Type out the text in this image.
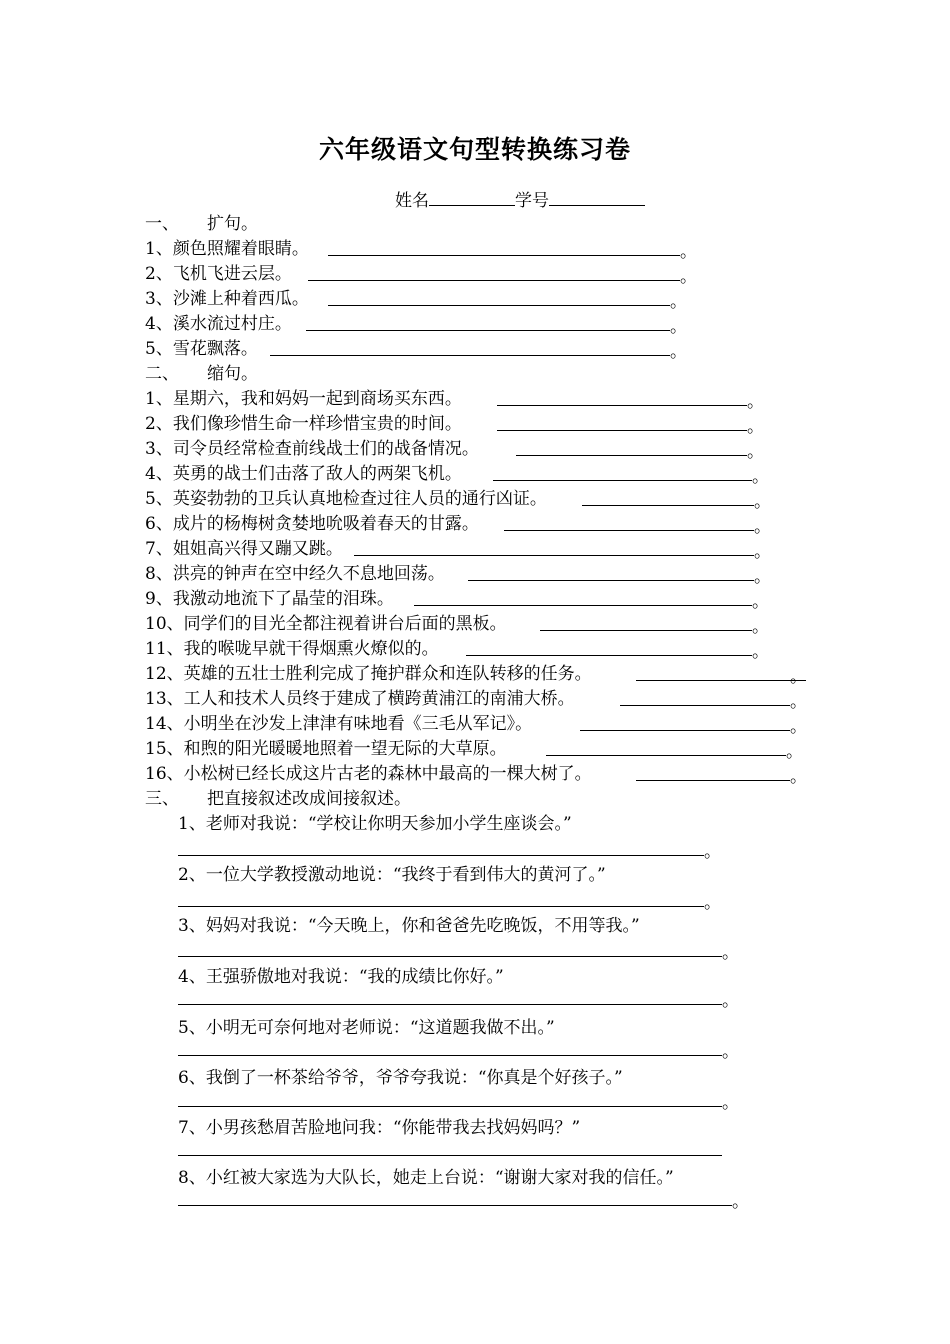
六年级语文句型转换练习卷
姓名	学号
一、 扩句。
1、颜色照耀着眼睛。	。
2、飞机飞进云层。	。
3、沙滩上种着西瓜。	。
4、溪水流过村庄。	。
5、雪花飘落。	。
二、 缩句。
1、星期六，我和妈妈一起到商场买东西。	。
2、我们像珍惜生命一样珍惜宝贵的时间。	。
3、司令员经常检查前线战士们的战备情况。	。
4、英勇的战士们击落了敌人的两架飞机。	。
5、英姿勃勃的卫兵认真地检查过往人员的通行凶证。	。
6、成片的杨梅树贪婪地吮吸着春天的甘露。	。
7、姐姐高兴得又蹦又跳。	。
8、洪亮的钟声在空中经久不息地回荡。	。
9、我激动地流下了晶莹的泪珠。	。
10、同学们的目光全都注视着讲台后面的黑板。	。
11、我的喉咙早就干得烟熏火燎似的。	。
12、英雄的五壮士胜利完成了掩护群众和连队转移的任务。	。
13、工人和技术人员终于建成了横跨黄浦江的南浦大桥。	。
14、小明坐在沙发上津津有味地看《三毛从军记》。	。
15、和煦的阳光暖暖地照着一望无际的大草原。	。
16、小松树已经长成这片古老的森林中最高的一棵大树了。	。
三、 把直接叙述改成间接叙述。
1、老师对我说：“学校让你明天参加小学生座谈会。”
。
2、一位大学教授激动地说：“我终于看到伟大的黄河了。”
。
3、妈妈对我说：“今天晚上，你和爸爸先吃晚饭，不用等我。”
。
4、王强骄傲地对我说：“我的成绩比你好。”
。
5、小明无可奈何地对老师说：“这道题我做不出。”
。
6、我倒了一杯茶给爷爷，爷爷夸我说：“你真是个好孩子。”
。
7、小男孩愁眉苦脸地问我：“你能带我去找妈妈吗？”
8、小红被大家选为大队长，她走上台说：“谢谢大家对我的信任。”
。
